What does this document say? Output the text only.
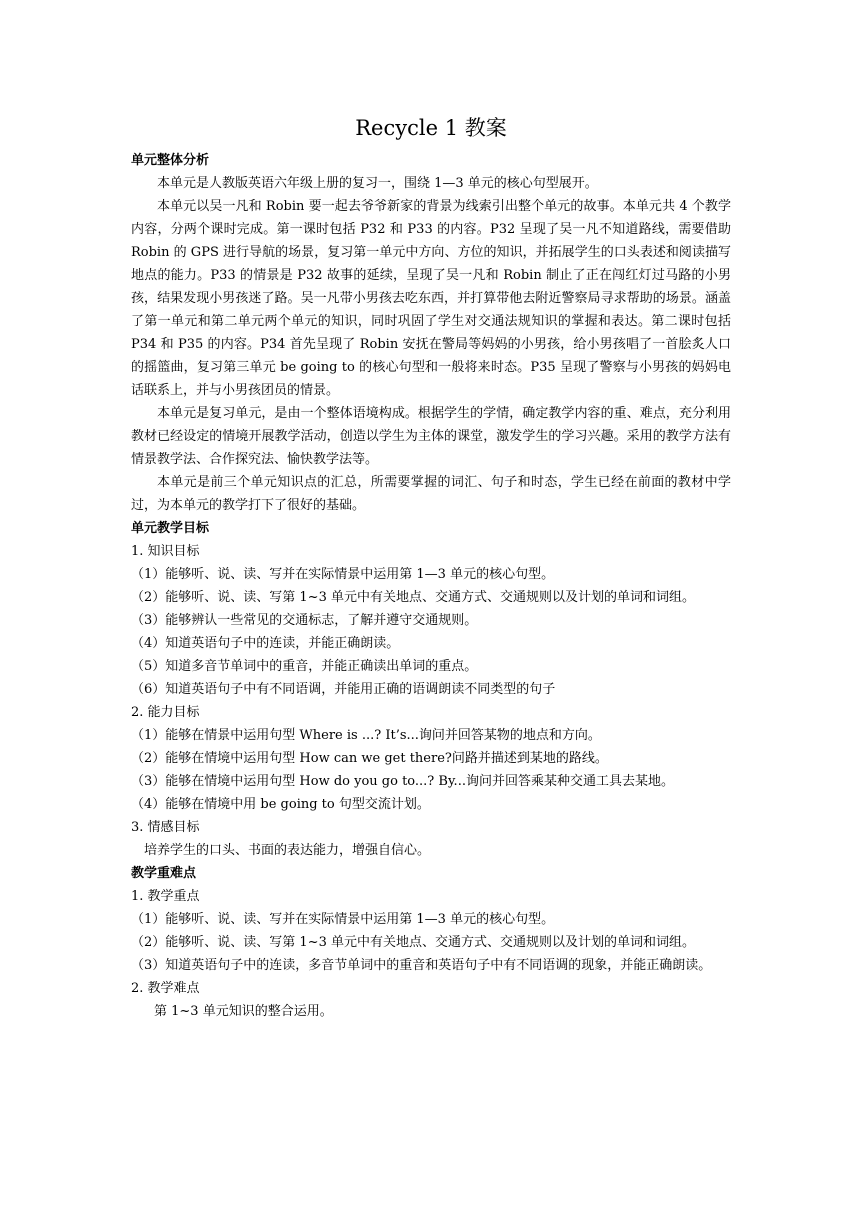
Recycle 1 教案

单元整体分析

本单元是人教版英语六年级上册的复习一，围绕 1—3 单元的核心句型展开。

本单元以吴一凡和 Robin 要一起去爷爷新家的背景为线索引出整个单元的故事。本单元共 4 个教学内容，分两个课时完成。第一课时包括 P32 和 P33 的内容。P32 呈现了吴一凡不知道路线，需要借助 Robin 的 GPS 进行导航的场景，复习第一单元中方向、方位的知识，并拓展学生的口头表述和阅读描写地点的能力。P33 的情景是 P32 故事的延续，呈现了吴一凡和 Robin 制止了正在闯红灯过马路的小男孩，结果发现小男孩迷了路。吴一凡带小男孩去吃东西，并打算带他去附近警察局寻求帮助的场景。涵盖了第一单元和第二单元两个单元的知识，同时巩固了学生对交通法规知识的掌握和表达。第二课时包括 P34 和 P35 的内容。P34 首先呈现了 Robin 安抚在警局等妈妈的小男孩，给小男孩唱了一首脍炙人口的摇篮曲，复习第三单元 be going to 的核心句型和一般将来时态。P35 呈现了警察与小男孩的妈妈电话联系上，并与小男孩团员的情景。

本单元是复习单元，是由一个整体语境构成。根据学生的学情，确定教学内容的重、难点，充分利用教材已经设定的情境开展教学活动，创造以学生为主体的课堂，激发学生的学习兴趣。采用的教学方法有情景教学法、合作探究法、愉快教学法等。

本单元是前三个单元知识点的汇总，所需要掌握的词汇、句子和时态，学生已经在前面的教材中学过，为本单元的教学打下了很好的基础。

单元教学目标

1. 知识目标

（1）能够听、说、读、写并在实际情景中运用第 1—3 单元的核心句型。

（2）能够听、说、读、写第 1~3 单元中有关地点、交通方式、交通规则以及计划的单词和词组。

（3）能够辨认一些常见的交通标志，了解并遵守交通规则。

（4）知道英语句子中的连读，并能正确朗读。

（5）知道多音节单词中的重音，并能正确读出单词的重点。

（6）知道英语句子中有不同语调，并能用正确的语调朗读不同类型的句子

2. 能力目标

（1）能够在情景中运用句型 Where is ...? It’s...询问并回答某物的地点和方向。

（2）能够在情境中运用句型 How can we get there?问路并描述到某地的路线。

（3）能够在情境中运用句型 How do you go to...? By...询问并回答乘某种交通工具去某地。

（4）能够在情境中用 be going to 句型交流计划。

3. 情感目标

培养学生的口头、书面的表达能力，增强自信心。

教学重难点

1. 教学重点

（1）能够听、说、读、写并在实际情景中运用第 1—3 单元的核心句型。

（2）能够听、说、读、写第 1~3 单元中有关地点、交通方式、交通规则以及计划的单词和词组。

（3）知道英语句子中的连读，多音节单词中的重音和英语句子中有不同语调的现象，并能正确朗读。

2. 教学难点

第 1~3 单元知识的整合运用。
